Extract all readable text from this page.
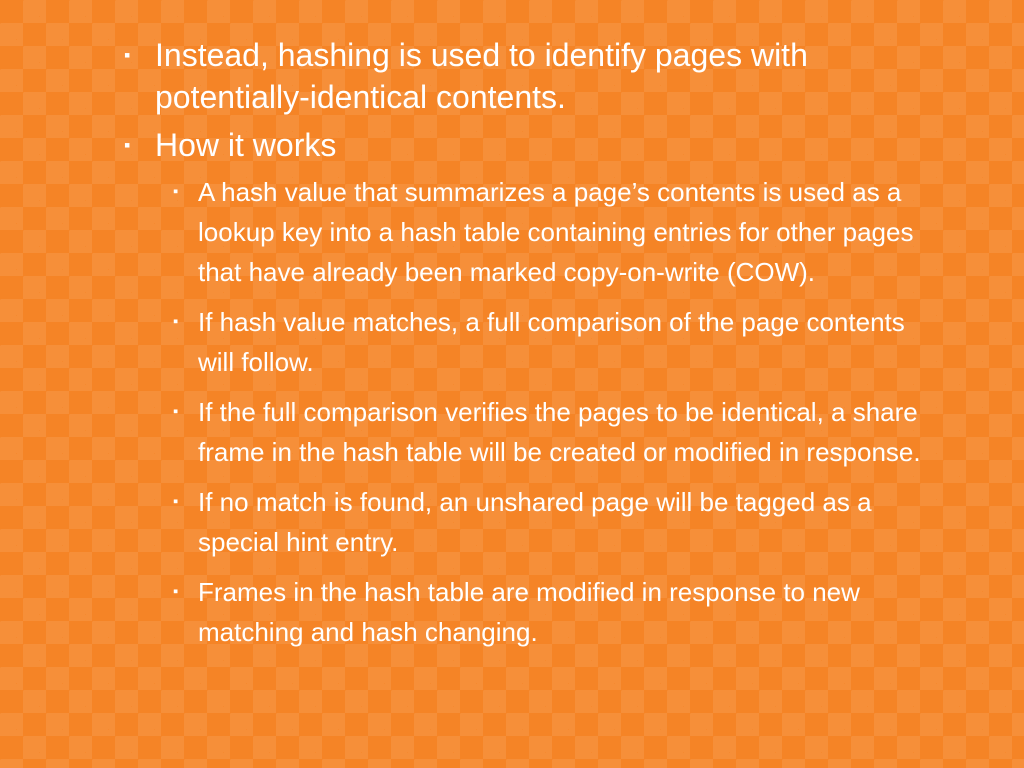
▪ Instead, hashing is used to identify pages with potentially-identical contents.
▪ How it works
▪ A hash value that summarizes a page’s contents is used as a lookup key into a hash table containing entries for other pages that have already been marked copy-on-write (COW).
▪ If hash value matches, a full comparison of the page contents will follow.
▪ If the full comparison verifies the pages to be identical, a share frame in the hash table will be created or modified in response.
▪ If no match is found, an unshared page will be tagged as a special hint entry.
▪ Frames in the hash table are modified in response to new matching and hash changing.
